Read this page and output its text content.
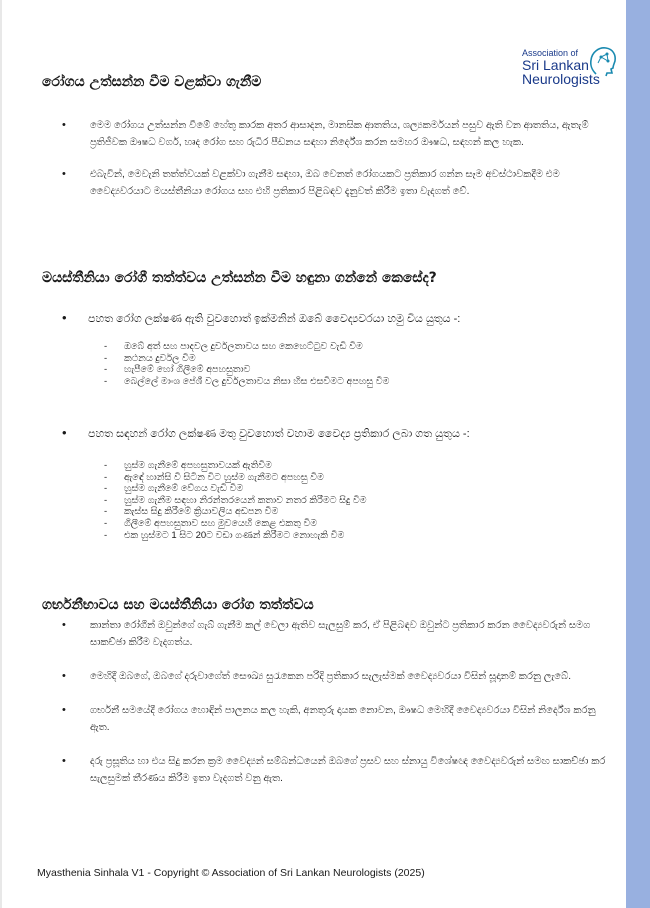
Association of
Sri Lankan
Neurologists
රෝගය උත්සන්න වීම වළක්වා ගැනීම
• මෙම රෝගය උත්සන්න වීමේ හේතු කාරක අතර ආසාදන, මානසික ආතතිය, ශල්‍යකර්මයන් පසුව ඇති වන ආතතිය, ඇතැම් ප්‍රතිජීවක ඖෂධ වර්ග, හෘද රෝග සහ රුධිර පීඩනය සඳහා නිර්දේශ කරන සමහර ඖෂධ, සඳහන් කල හැක.
• එබැවින්, මෙවැනි තත්ත්වයක් වළක්වා ගැනීම සඳහා, ඔබ වෙනත් රෝගයකට ප්‍රතිකාර ගන්න සෑම අවස්ථාවකදීම එම වෛද්‍යවරයාට මයස්තීනියා රෝගය සහ එහි ප්‍රතිකාර පිළිබඳව දැනුවත් කිරීම ඉතා වැදගත් වේ.
මයස්තීනියා රෝගී තත්ත්වය උත්සන්න වීම හඳුනා ගන්නේ කෙසේද?
• පහත රෝග ලක්ෂණ ඇති වුවහොත් ඉක්මනින් ඔබේ වෛද්‍යවරයා හමු විය යුතුය -:
- ඔබේ අත් සහ පාදවල දුර්වලතාවය සහ කෙහෙට්ටුව වැඩි වීම
- කථනය දුර්වල වීම
- හැපීමේ හෝ ගිලීමේ අපහසුතාව
- බෙල්ලේ මාංශ පේශී වල දුර්වලතාවය නිසා හිස එසවීමට අපහසු වීම
• පහත සඳහන් රෝග ලක්ෂණ මතු වුවහොත් වහාම වෛද්‍ය ප්‍රතිකාර ලබා ගත යුතුය -:
- හුස්ම ගැනීමේ අපහසුතාවයක් ඇතිවීම
- ඇඳේ හාන්සි වී සිටින විට හුස්ම ගැනීමට අපහසු වීම
- හුස්ම ගැනීමේ වේගය වැඩි වීම
- හුස්ම ගැනීම සඳහා නිරන්තරයෙන් කතාව නතර කිරීමට සිදු වීම
- කැස්ස සිදු කිරීමේ ක්‍රියාවලිය අඩපන වීම
- ගිලීමේ අපහසුතාව සහ මුවයෙහි කෙළ එකතු වීම
- එක හුස්මට 1 සිට 20ට වඩා ගණන් කිරීමට නොහැකි වීම
ගර්භනීභාවය සහ මයස්තීනියා රෝග තත්ත්වය
• කාන්තා රෝගීන් ඔවුන්ගේ ගැබ් ගැනීම කල් වෙලා ඇතිව සැලසුම් කර, ඒ පිළිබඳව ඔවුන්ට ප්‍රතිකාර කරන වෛද්‍යවරුන් සමග සාකච්ඡා කිරීම වැදගත්ය.
• මෙහිදී ඔබගේ, ඔබගේ දරුවාගේත් සෞඛ්‍ය සුරැකෙන පරිදි ප්‍රතිකාර සැලැස්මක් වෛද්‍යවරයා විසින් සූදානම් කරනු ලැබේ.
• ගර්භනී සමයේදී රෝගය හොඳින් පාලනය කල හැකි, අනතුරු දායක නොවන, ඖෂධ මෙහිදී වෛද්‍යවරයා විසින් නිර්දේශ කරනු ඇත.
• දරු ප්‍රසූතිය හා එය සිදු කරන ක්‍රම වෛද්‍යන් සම්බන්ධයෙන් ඔබගේ ප්‍රසව සහ ස්නායු විශේෂඥ වෛද්‍යවරුන් සමඟ සාකච්ඡා කර සැලසුමක් තීරණය කිරීම ඉතා වැදගත් වනු ඇත.
Myasthenia Sinhala V1 - Copyright © Association of Sri Lankan Neurologists (2025)
